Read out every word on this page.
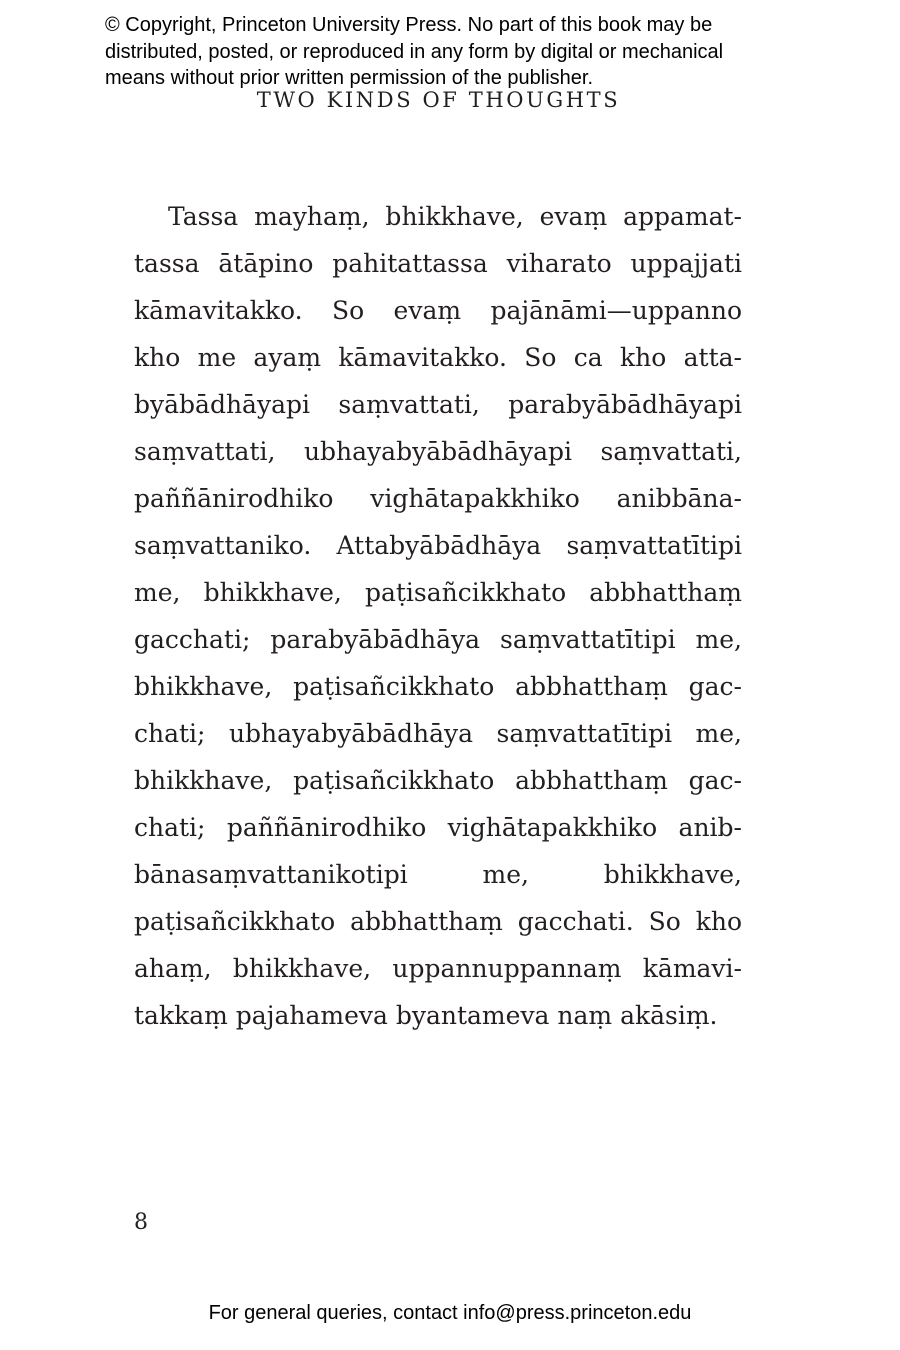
© Copyright, Princeton University Press. No part of this book may be
distributed, posted, or reproduced in any form by digital or mechanical
means without prior written permission of the publisher.
TWO KINDS OF THOUGHTS
Tassa mayhaṃ, bhikkhave, evaṃ appamat-
tassa ātāpino pahitattassa viharato uppajjati
kāmavitakko. So evaṃ pajānāmi—uppanno
kho me ayaṃ kāmavitakko. So ca kho atta-
byābādhāyapi saṃvattati, parabyābādhāyapi
saṃvattati, ubhayabyābādhāyapi saṃvattati,
paññānirodhiko vighātapakkhiko anibbāna-
saṃvattaniko. Attabyābādhāya saṃvattatītipi
me, bhikkhave, paṭisañcikkhato abbhatthaṃ
gacchati; parabyābādhāya saṃvattatītipi me,
bhikkhave, paṭisañcikkhato abbhatthaṃ gac-
chati; ubhayabyābādhāya saṃvattatītipi me,
bhikkhave, paṭisañcikkhato abbhatthaṃ gac-
chati; paññānirodhiko vighātapakkhiko anib-
bānasaṃvattanikotipi me, bhikkhave,
paṭisañcikkhato abbhatthaṃ gacchati. So kho
ahaṃ, bhikkhave, uppannuppannaṃ kāmavi-
takkaṃ pajahameva byantameva naṃ akāsiṃ.
8
For general queries, contact info@press.princeton.edu
